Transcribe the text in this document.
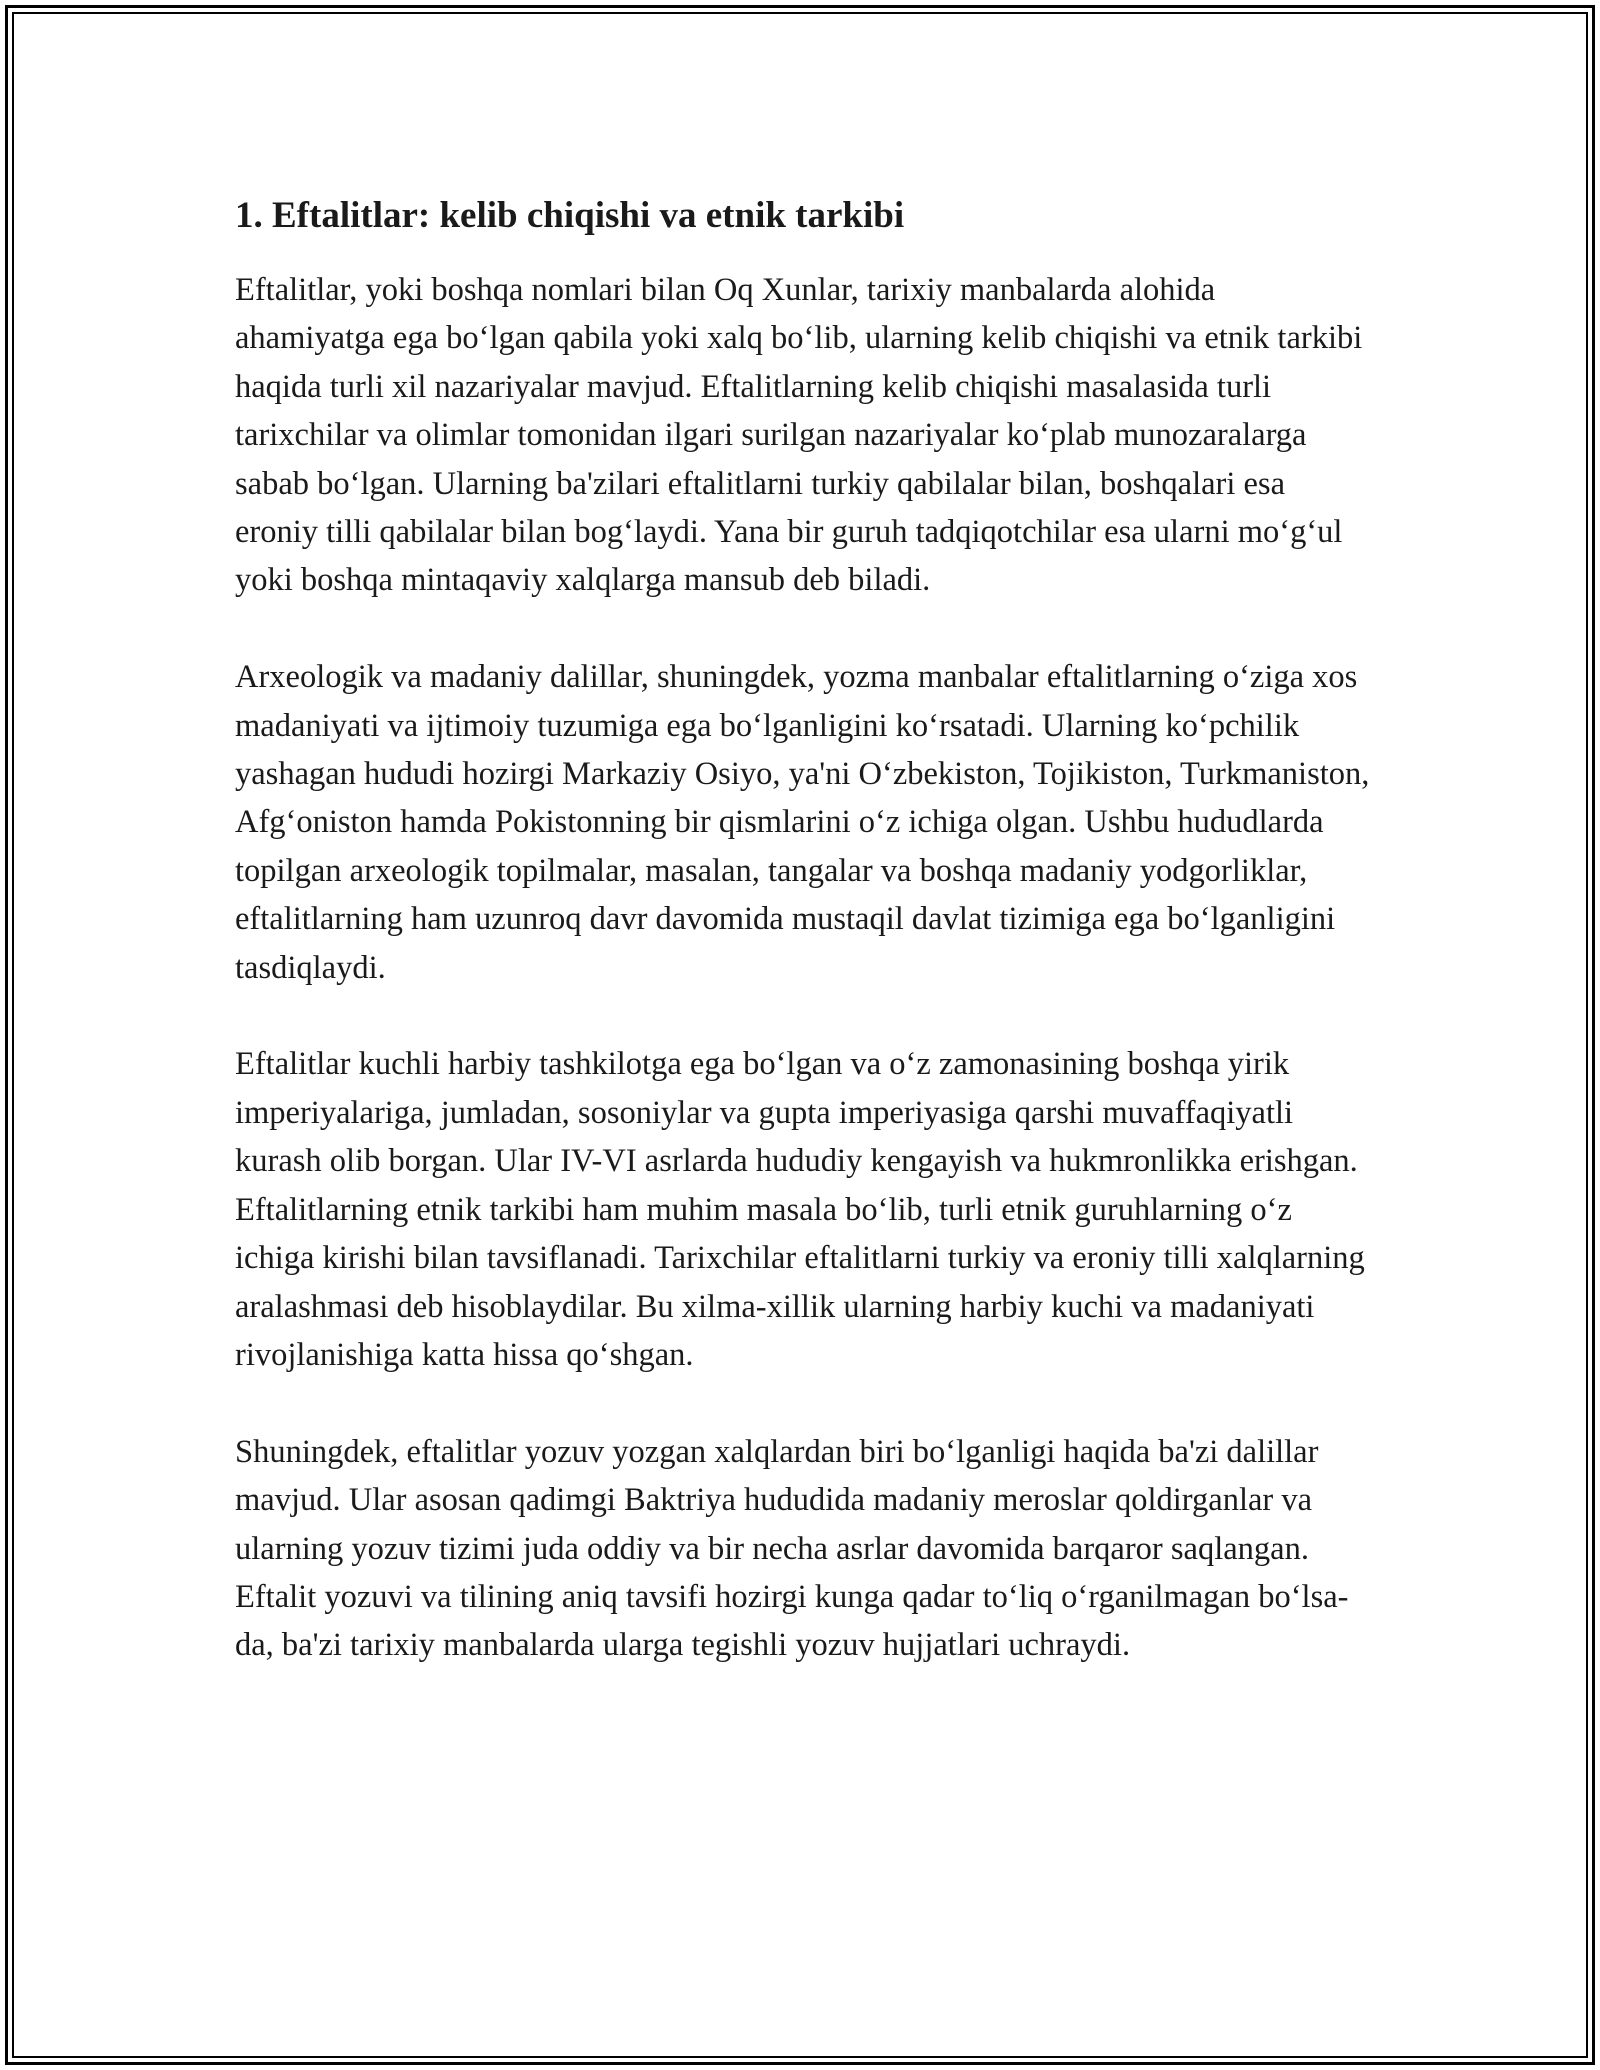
1. Eftalitlar: kelib chiqishi va etnik tarkibi

Eftalitlar, yoki boshqa nomlari bilan Oq Xunlar, tarixiy manbalarda alohida ahamiyatga ega bo‘lgan qabila yoki xalq bo‘lib, ularning kelib chiqishi va etnik tarkibi haqida turli xil nazariyalar mavjud. Eftalitlarning kelib chiqishi masalasida turli tarixchilar va olimlar tomonidan ilgari surilgan nazariyalar ko‘plab munozaralarga sabab bo‘lgan. Ularning ba'zilari eftalitlarni turkiy qabilalar bilan, boshqalari esa eroniy tilli qabilalar bilan bog‘laydi. Yana bir guruh tadqiqotchilar esa ularni mo‘g‘ul yoki boshqa mintaqaviy xalqlarga mansub deb biladi.

Arxeologik va madaniy dalillar, shuningdek, yozma manbalar eftalitlarning o‘ziga xos madaniyati va ijtimoiy tuzumiga ega bo‘lganligini ko‘rsatadi. Ularning ko‘pchilik yashagan hududi hozirgi Markaziy Osiyo, ya'ni O‘zbekiston, Tojikiston, Turkmaniston, Afg‘oniston hamda Pokistonning bir qismlarini o‘z ichiga olgan. Ushbu hududlarda topilgan arxeologik topilmalar, masalan, tangalar va boshqa madaniy yodgorliklar, eftalitlarning ham uzunroq davr davomida mustaqil davlat tizimiga ega bo‘lganligini tasdiqlaydi.

Eftalitlar kuchli harbiy tashkilotga ega bo‘lgan va o‘z zamonasining boshqa yirik imperiyalariga, jumladan, sosoniylar va gupta imperiyasiga qarshi muvaffaqiyatli kurash olib borgan. Ular IV-VI asrlarda hududiy kengayish va hukmronlikka erishgan. Eftalitlarning etnik tarkibi ham muhim masala bo‘lib, turli etnik guruhlarning o‘z ichiga kirishi bilan tavsiflanadi. Tarixchilar eftalitlarni turkiy va eroniy tilli xalqlarning aralashmasi deb hisoblaydilar. Bu xilma-xillik ularning harbiy kuchi va madaniyati rivojlanishiga katta hissa qo‘shgan.

Shuningdek, eftalitlar yozuv yozgan xalqlardan biri bo‘lganligi haqida ba'zi dalillar mavjud. Ular asosan qadimgi Baktriya hududida madaniy meroslar qoldirganlar va ularning yozuv tizimi juda oddiy va bir necha asrlar davomida barqaror saqlangan. Eftalit yozuvi va tilining aniq tavsifi hozirgi kunga qadar to‘liq o‘rganilmagan bo‘lsa-da, ba'zi tarixiy manbalarda ularga tegishli yozuv hujjatlari uchraydi.
